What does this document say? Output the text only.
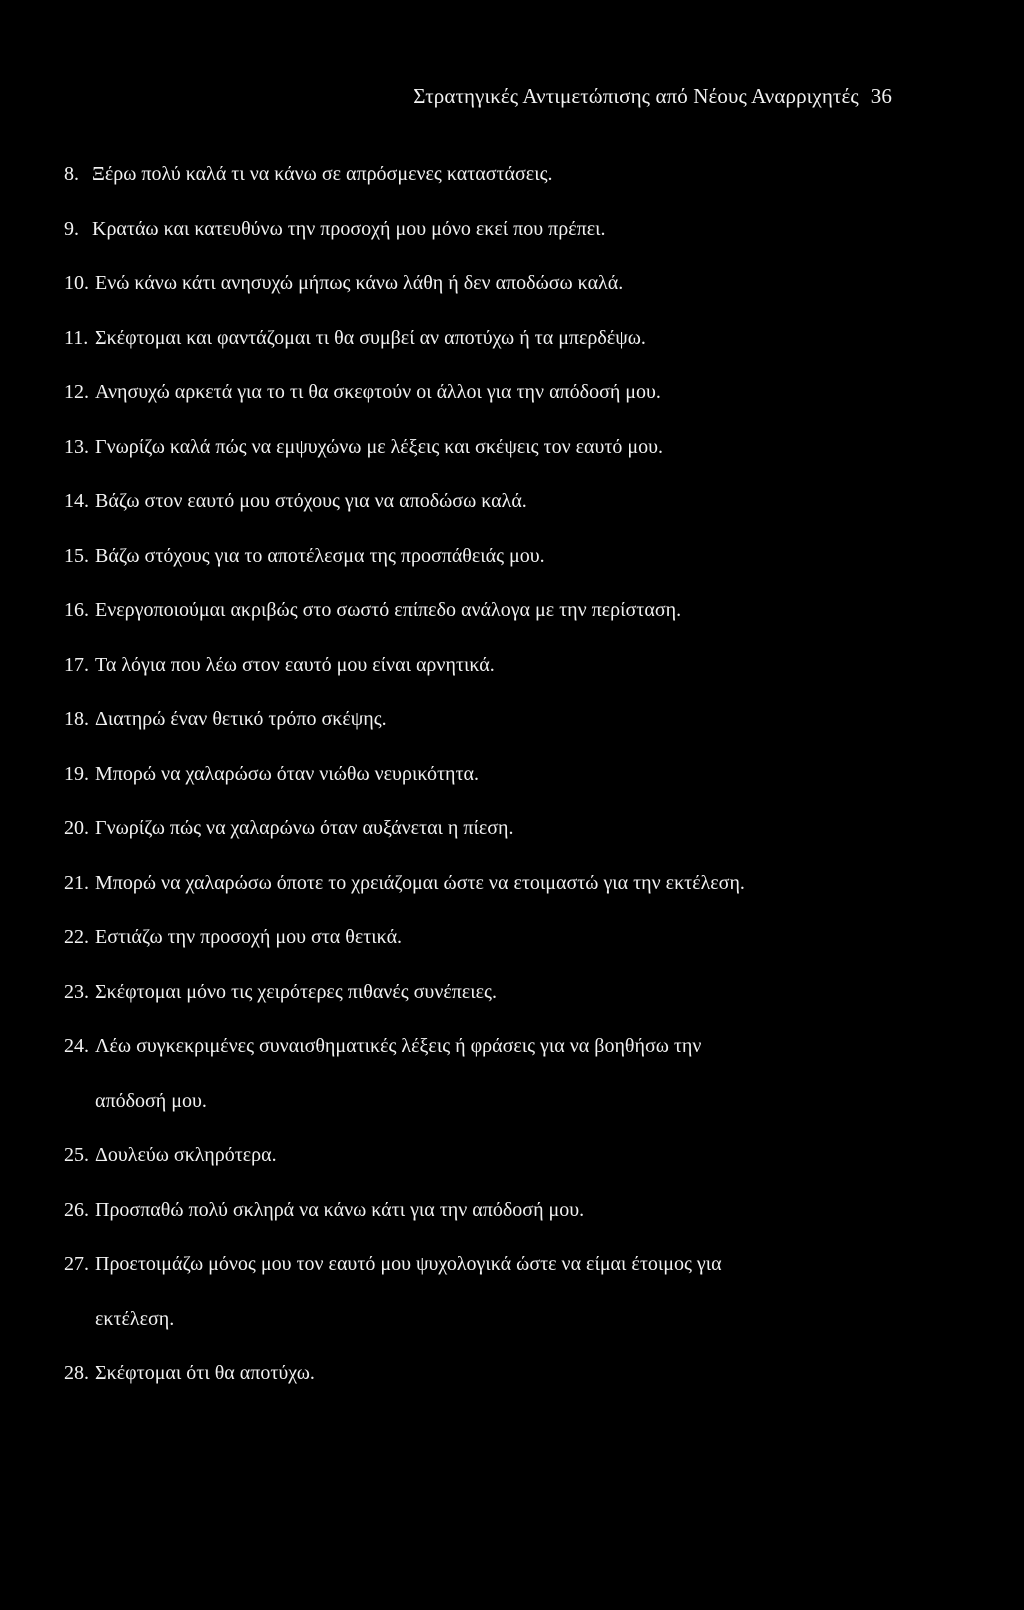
Στρατηγικές Αντιμετώπισης από Νέους Αναρριχητές 36
8. Ξέρω πολύ καλά τι να κάνω σε απρόσμενες καταστάσεις.
9. Κρατάω και κατευθύνω την προσοχή μου μόνο εκεί που πρέπει.
10. Ενώ κάνω κάτι ανησυχώ μήπως κάνω λάθη ή δεν αποδώσω καλά.
11. Σκέφτομαι και φαντάζομαι τι θα συμβεί αν αποτύχω ή τα μπερδέψω.
12. Ανησυχώ αρκετά για το τι θα σκεφτούν οι άλλοι για την απόδοσή μου.
13. Γνωρίζω καλά πώς να εμψυχώνω με λέξεις και σκέψεις τον εαυτό μου.
14. Βάζω στον εαυτό μου στόχους για να αποδώσω καλά.
15. Βάζω στόχους για το αποτέλεσμα της προσπάθειάς μου.
16. Ενεργοποιούμαι ακριβώς στο σωστό επίπεδο ανάλογα με την περίσταση.
17. Τα λόγια που λέω στον εαυτό μου είναι αρνητικά.
18. Διατηρώ έναν θετικό τρόπο σκέψης.
19. Μπορώ να χαλαρώσω όταν νιώθω νευρικότητα.
20. Γνωρίζω πώς να χαλαρώνω όταν αυξάνεται η πίεση.
21. Μπορώ να χαλαρώσω όποτε το χρειάζομαι ώστε να ετοιμαστώ για την εκτέλεση.
22. Εστιάζω την προσοχή μου στα θετικά.
23. Σκέφτομαι μόνο τις χειρότερες πιθανές συνέπειες.
24. Λέω συγκεκριμένες συναισθηματικές λέξεις ή φράσεις για να βοηθήσω την
απόδοσή μου.
25. Δουλεύω σκληρότερα.
26. Προσπαθώ πολύ σκληρά να κάνω κάτι για την απόδοσή μου.
27. Προετοιμάζω μόνος μου τον εαυτό μου ψυχολογικά ώστε να είμαι έτοιμος για
εκτέλεση.
28. Σκέφτομαι ότι θα αποτύχω.
